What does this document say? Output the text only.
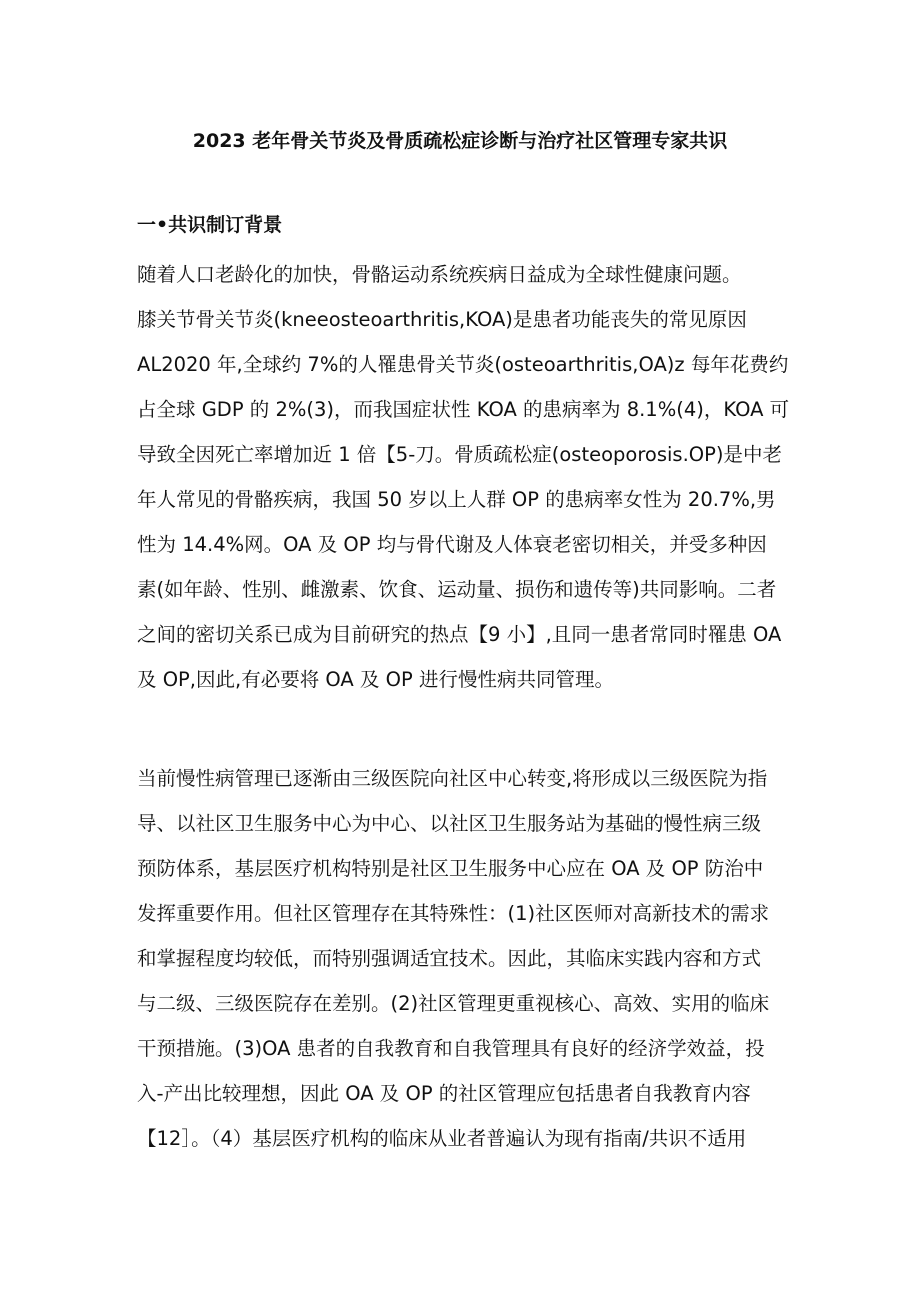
2023 老年骨关节炎及骨质疏松症诊断与治疗社区管理专家共识
一•共识制订背景
随着人口老龄化的加快，骨骼运动系统疾病日益成为全球性健康问题。
膝关节骨关节炎(kneeosteoarthritis,KOA)是患者功能丧失的常见原因
AL2020 年,全球约 7%的人罹患骨关节炎(osteoarthritis,OA)z 每年花费约
占全球 GDP 的 2%(3)，而我国症状性 KOA 的患病率为 8.1%(4)，KOA 可
导致全因死亡率增加近 1 倍【5-刀。骨质疏松症(osteoporosis.OP)是中老
年人常见的骨骼疾病，我国 50 岁以上人群 OP 的患病率女性为 20.7%,男
性为 14.4%网。OA 及 OP 均与骨代谢及人体衰老密切相关，并受多种因
素(如年龄、性别、雌激素、饮食、运动量、损伤和遗传等)共同影响。二者
之间的密切关系已成为目前研究的热点【9 小】,且同一患者常同时罹患 OA
及 OP,因此,有必要将 OA 及 OP 进行慢性病共同管理。
当前慢性病管理已逐渐由三级医院向社区中心转变,将形成以三级医院为指
导、以社区卫生服务中心为中心、以社区卫生服务站为基础的慢性病三级
预防体系，基层医疗机构特别是社区卫生服务中心应在 OA 及 OP 防治中
发挥重要作用。但社区管理存在其特殊性：(1)社区医师对高新技术的需求
和掌握程度均较低，而特别强调适宜技术。因此，其临床实践内容和方式
与二级、三级医院存在差别。(2)社区管理更重视核心、高效、实用的临床
干预措施。(3)OA 患者的自我教育和自我管理具有良好的经济学效益，投
入-产出比较理想，因此 OA 及 OP 的社区管理应包括患者自我教育内容
【12］。（4）基层医疗机构的临床从业者普遍认为现有指南/共识不适用
